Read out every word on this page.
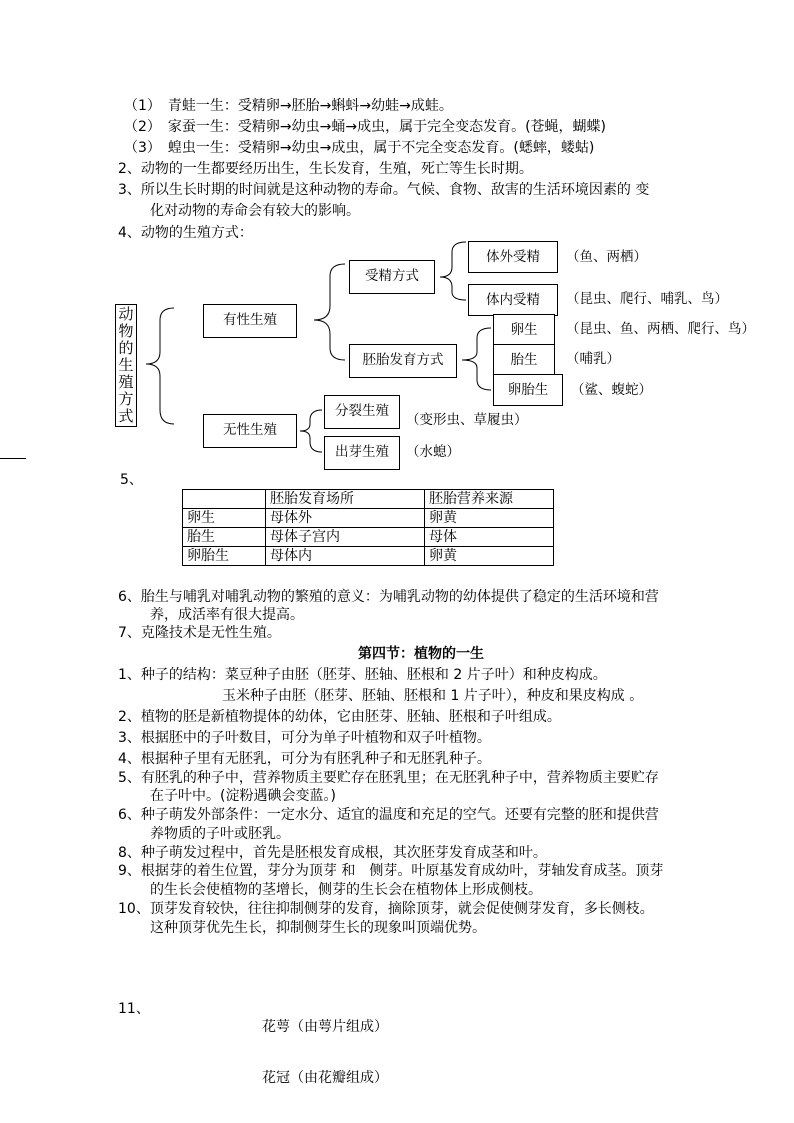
（1）　青蛙一生：受精卵→胚胎→蝌蚪→幼蛙→成蛙。
（2）　家蚕一生：受精卵→幼虫→蛹→成虫，属于完全变态发育。(苍蝇，蝴蝶)
（3）　蝗虫一生：受精卵→幼虫→成虫，属于不完全变态发育。(蟋蟀，蝼蛄)
2、动物的一生都要经历出生，生长发育，生殖，死亡等生长时期。
3、所以生长时期的时间就是这种动物的寿命。气候、食物、敌害的生活环境因素的 变
化对动物的寿命会有较大的影响。
4、动物的生殖方式：
动
物
的
生
殖
方
式
有性生殖
无性生殖
受精方式
体外受精
体内受精
胚胎发育方式
卵生
胎生
卵胎生
分裂生殖
出芽生殖
（鱼、两栖）
（昆虫、爬行、哺乳、鸟）
（昆虫、鱼、两栖、爬行、鸟）
（哺乳）
（鲨、蝮蛇）
（变形虫、草履虫）
（水螅）
5、
	胚胎发育场所	胚胎营养来源
卵生	母体外	卵黄
胎生	母体子宫内	母体
卵胎生	母体内	卵黄
6、胎生与哺乳对哺乳动物的繁殖的意义：为哺乳动物的幼体提供了稳定的生活环境和营
养，成活率有很大提高。
7、克隆技术是无性生殖。
第四节：植物的一生
1、种子的结构：菜豆种子由胚（胚芽、胚轴、胚根和 2 片子叶）和种皮构成。
玉米种子由胚（胚芽、胚轴、胚根和 1 片子叶），种皮和果皮构成 。
2、植物的胚是新植物提体的幼体，它由胚芽、胚轴、胚根和子叶组成。
3、根据胚中的子叶数目，可分为单子叶植物和双子叶植物。
4、根据种子里有无胚乳，可分为有胚乳种子和无胚乳种子。
5、有胚乳的种子中，营养物质主要贮存在胚乳里；在无胚乳种子中，营养物质主要贮存
在子叶中。(淀粉遇碘会变蓝。)
6、种子萌发外部条件：一定水分、适宜的温度和充足的空气。还要有完整的胚和提供营
养物质的子叶或胚乳。
8、种子萌发过程中，首先是胚根发育成根，其次胚芽发育成茎和叶。
9、根据芽的着生位置，芽分为顶芽 和　侧芽。叶原基发育成幼叶，芽轴发育成茎。顶芽
的生长会使植物的茎增长，侧芽的生长会在植物体上形成侧枝。
10、顶芽发育较快，往往抑制侧芽的发育，摘除顶芽，就会促使侧芽发育，多长侧枝。
这种顶芽优先生长，抑制侧芽生长的现象叫顶端优势。
11、
花萼（由萼片组成）
花冠（由花瓣组成）
